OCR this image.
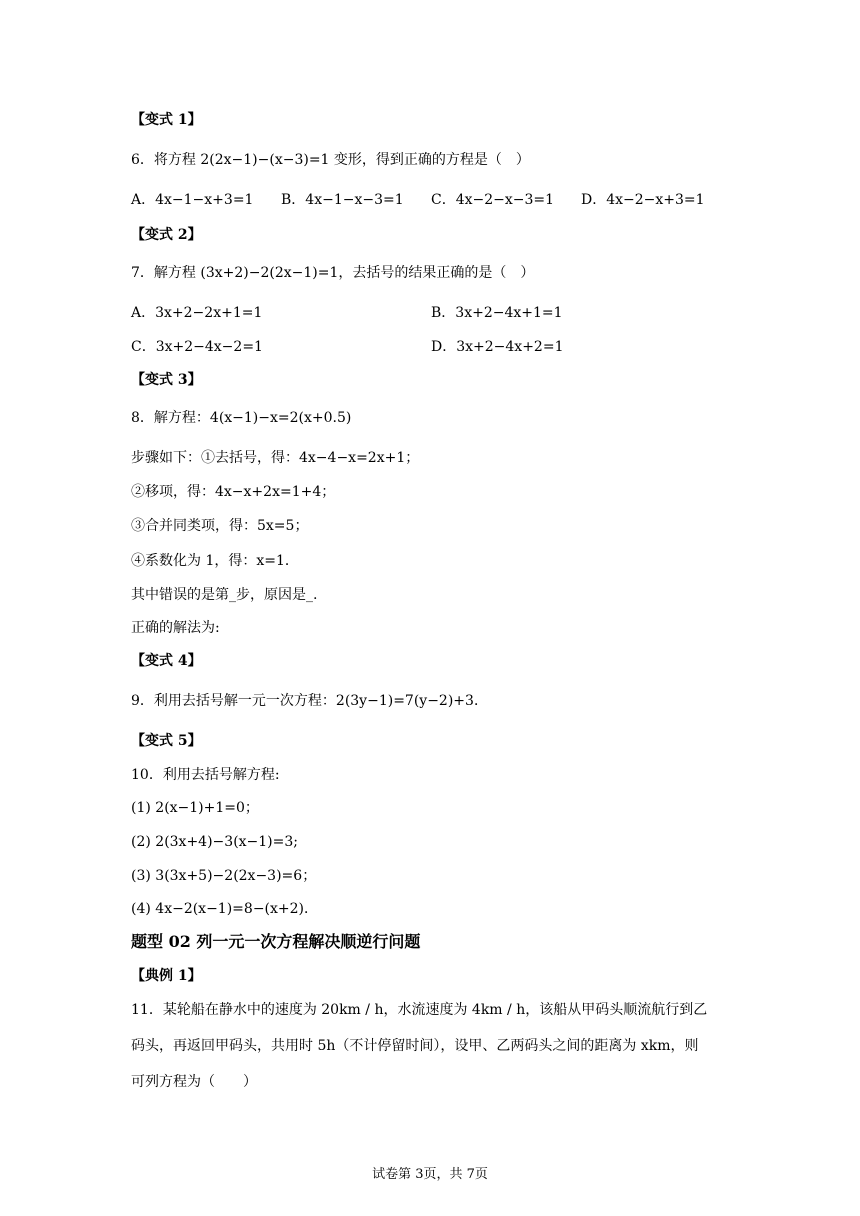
【变式 1】
6．将方程 2(2x−1)−(x−3)=1 变形，得到正确的方程是（　）
A．4x−1−x+3=1 B．4x−1−x−3=1 C．4x−2−x−3=1 D．4x−2−x+3=1
【变式 2】
7．解方程 (3x+2)−2(2x−1)=1，去括号的结果正确的是（　）
A．3x+2−2x+1=1	B．3x+2−4x+1=1
C．3x+2−4x−2=1	D．3x+2−4x+2=1
【变式 3】
8．解方程：4(x−1)−x=2(x+0.5)
步骤如下：①去括号，得：4x−4−x=2x+1；
②移项，得：4x−x+2x=1+4；
③合并同类项，得：5x=5；
④系数化为 1，得：x=1．
其中错误的是第_步，原因是_.
正确的解法为:
【变式 4】
9．利用去括号解一元一次方程：2(3y−1)=7(y−2)+3．
【变式 5】
10．利用去括号解方程:
(1) 2(x−1)+1=0；
(2) 2(3x+4)−3(x−1)=3;
(3) 3(3x+5)−2(2x−3)=6；
(4) 4x−2(x−1)=8−(x+2)．
题型 02 列一元一次方程解决顺逆行问题
【典例 1】
11．某轮船在静水中的速度为 20km / h，水流速度为 4km / h，该船从甲码头顺流航行到乙
码头，再返回甲码头，共用时 5h（不计停留时间），设甲、乙两码头之间的距离为 xkm，则
可列方程为（　　）
试卷第 3页，共 7页
